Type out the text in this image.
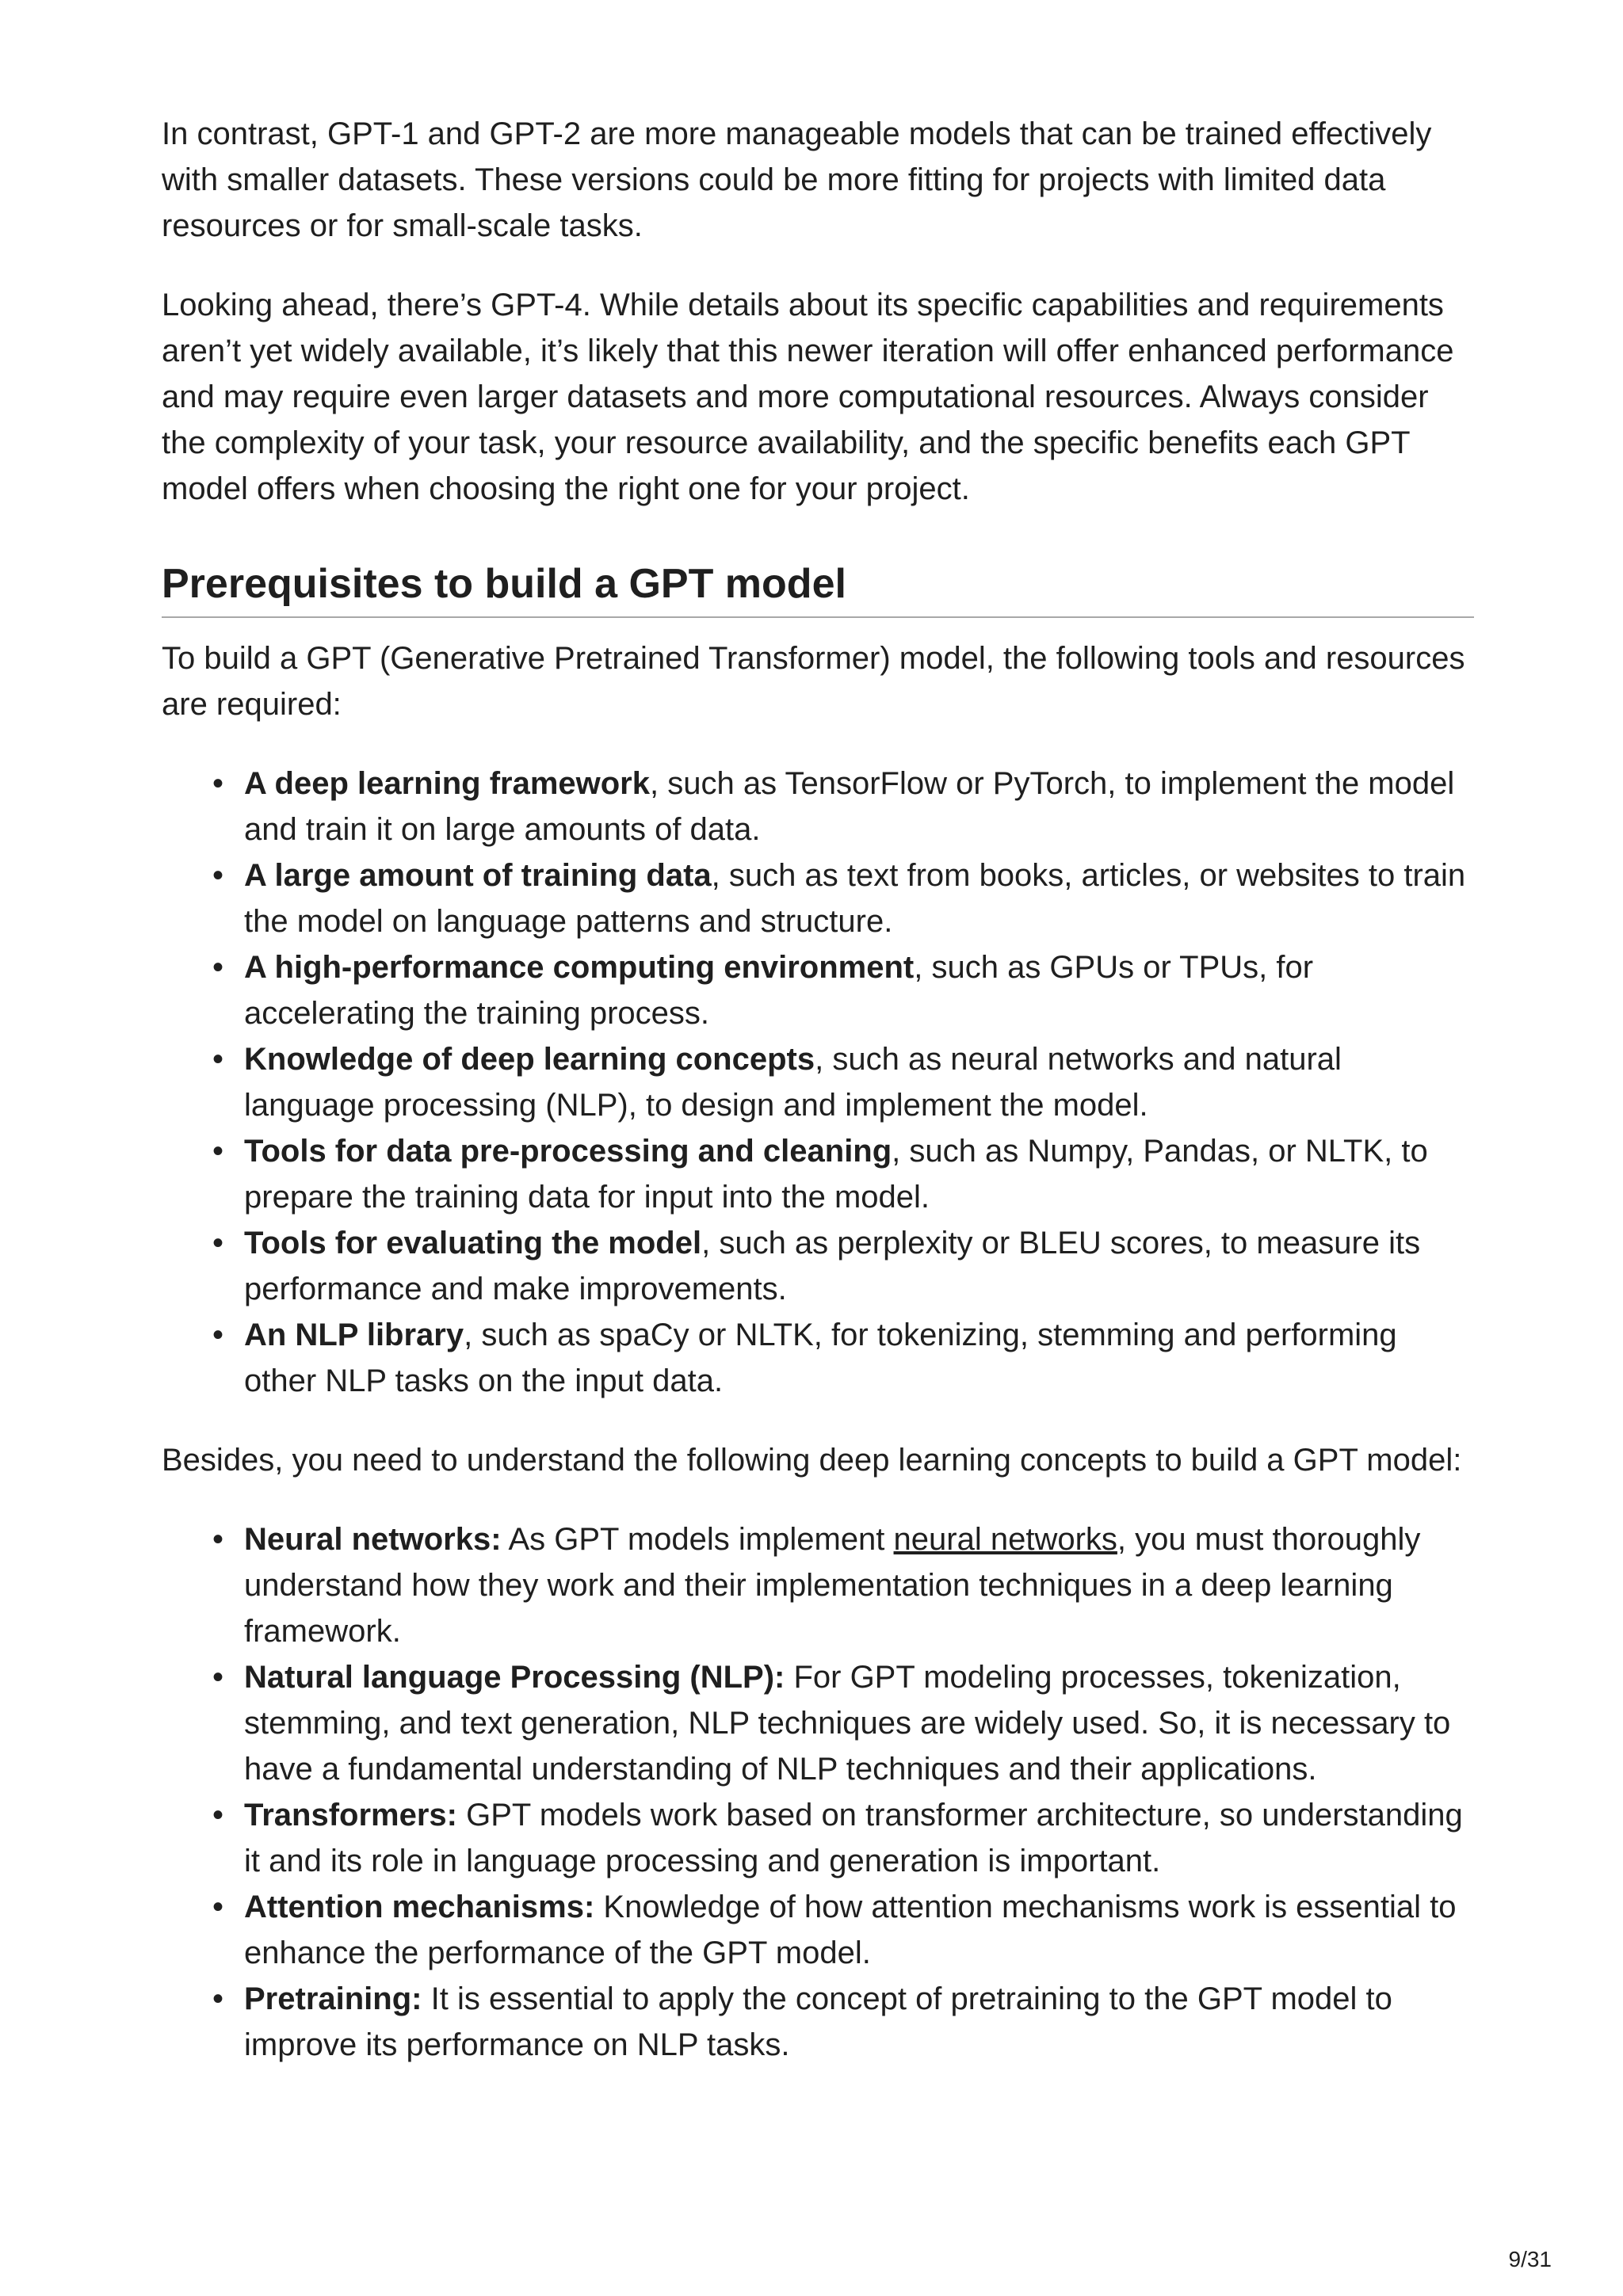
In contrast, GPT-1 and GPT-2 are more manageable models that can be trained effectively with smaller datasets. These versions could be more fitting for projects with limited data resources or for small-scale tasks.

Looking ahead, there’s GPT-4. While details about its specific capabilities and requirements aren’t yet widely available, it’s likely that this newer iteration will offer enhanced performance and may require even larger datasets and more computational resources. Always consider the complexity of your task, your resource availability, and the specific benefits each GPT model offers when choosing the right one for your project.

Prerequisites to build a GPT model

To build a GPT (Generative Pretrained Transformer) model, the following tools and resources are required:

• A deep learning framework, such as TensorFlow or PyTorch, to implement the model and train it on large amounts of data.
• A large amount of training data, such as text from books, articles, or websites to train the model on language patterns and structure.
• A high-performance computing environment, such as GPUs or TPUs, for accelerating the training process.
• Knowledge of deep learning concepts, such as neural networks and natural language processing (NLP), to design and implement the model.
• Tools for data pre-processing and cleaning, such as Numpy, Pandas, or NLTK, to prepare the training data for input into the model.
• Tools for evaluating the model, such as perplexity or BLEU scores, to measure its performance and make improvements.
• An NLP library, such as spaCy or NLTK, for tokenizing, stemming and performing other NLP tasks on the input data.

Besides, you need to understand the following deep learning concepts to build a GPT model:

• Neural networks: As GPT models implement neural networks, you must thoroughly understand how they work and their implementation techniques in a deep learning framework.
• Natural language Processing (NLP): For GPT modeling processes, tokenization, stemming, and text generation, NLP techniques are widely used. So, it is necessary to have a fundamental understanding of NLP techniques and their applications.
• Transformers: GPT models work based on transformer architecture, so understanding it and its role in language processing and generation is important.
• Attention mechanisms: Knowledge of how attention mechanisms work is essential to enhance the performance of the GPT model.
• Pretraining: It is essential to apply the concept of pretraining to the GPT model to improve its performance on NLP tasks.
9/31
